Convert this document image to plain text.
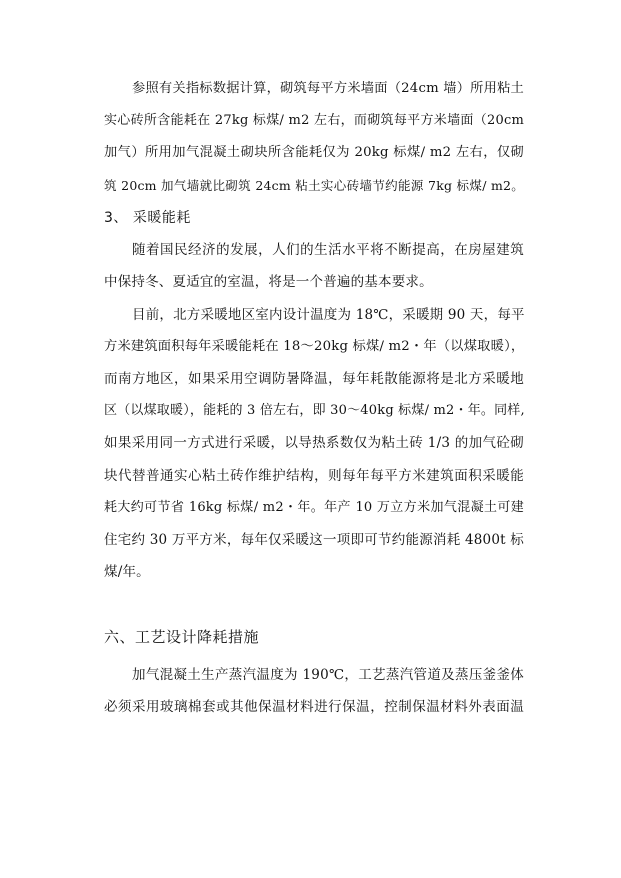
参照有关指标数据计算，砌筑每平方米墙面（24cm 墙）所用粘土
实心砖所含能耗在 27kg 标煤/ m2 左右，而砌筑每平方米墙面（20cm
加气）所用加气混凝土砌块所含能耗仅为 20kg 标煤/ m2 左右，仅砌
筑 20cm 加气墙就比砌筑 24cm 粘土实心砖墙节约能源 7kg 标煤/ m2。
3、 采暖能耗
随着国民经济的发展，人们的生活水平将不断提高，在房屋建筑
中保持冬、夏适宜的室温，将是一个普遍的基本要求。
目前，北方采暖地区室内设计温度为 18℃，采暖期 90 天，每平
方米建筑面积每年采暖能耗在 18～20kg 标煤/ m2・年（以煤取暖），
而南方地区，如果采用空调防暑降温，每年耗散能源将是北方采暖地
区（以煤取暖），能耗的 3 倍左右，即 30～40kg 标煤/ m2・年。同样,
如果采用同一方式进行采暖，以导热系数仅为粘土砖 1/3 的加气砼砌
块代替普通实心粘土砖作维护结构，则每年每平方米建筑面积采暖能
耗大约可节省 16kg 标煤/ m2・年。年产 10 万立方米加气混凝土可建
住宅约 30 万平方米，每年仅采暖这一项即可节约能源消耗 4800t 标
煤/年。
六、工艺设计降耗措施
加气混凝土生产蒸汽温度为 190℃，工艺蒸汽管道及蒸压釜釜体
必须采用玻璃棉套或其他保温材料进行保温，控制保温材料外表面温
